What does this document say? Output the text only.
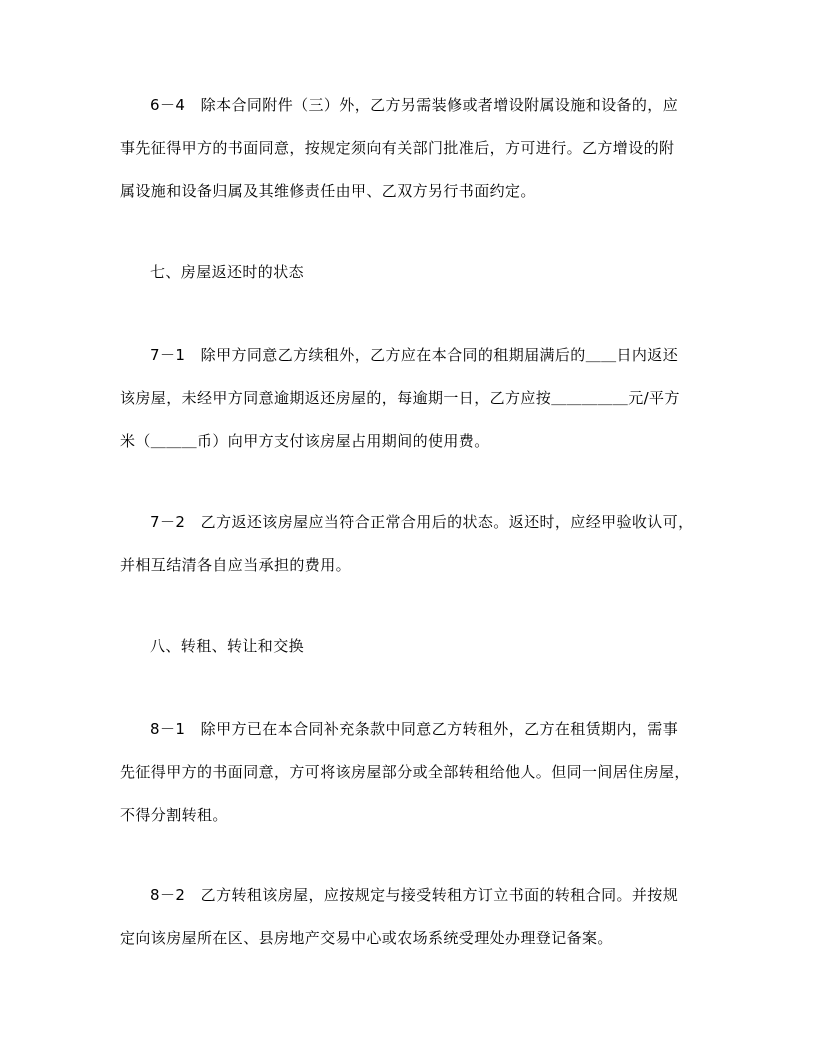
6－4　除本合同附件（三）外，乙方另需装修或者增设附属设施和设备的，应
事先征得甲方的书面同意，按规定须向有关部门批准后，方可进行。乙方增设的附
属设施和设备归属及其维修责任由甲、乙双方另行书面约定。
七、房屋返还时的状态
7－1　除甲方同意乙方续租外，乙方应在本合同的租期届满后的＿＿日内返还
该房屋，未经甲方同意逾期返还房屋的，每逾期一日，乙方应按＿＿＿＿＿元/平方
米（＿＿＿币）向甲方支付该房屋占用期间的使用费。
7－2　乙方返还该房屋应当符合正常合用后的状态。返还时，应经甲验收认可，
并相互结清各自应当承担的费用。
八、转租、转让和交换
8－1　除甲方已在本合同补充条款中同意乙方转租外，乙方在租赁期内，需事
先征得甲方的书面同意，方可将该房屋部分或全部转租给他人。但同一间居住房屋，
不得分割转租。
8－2　乙方转租该房屋，应按规定与接受转租方订立书面的转租合同。并按规
定向该房屋所在区、县房地产交易中心或农场系统受理处办理登记备案。
